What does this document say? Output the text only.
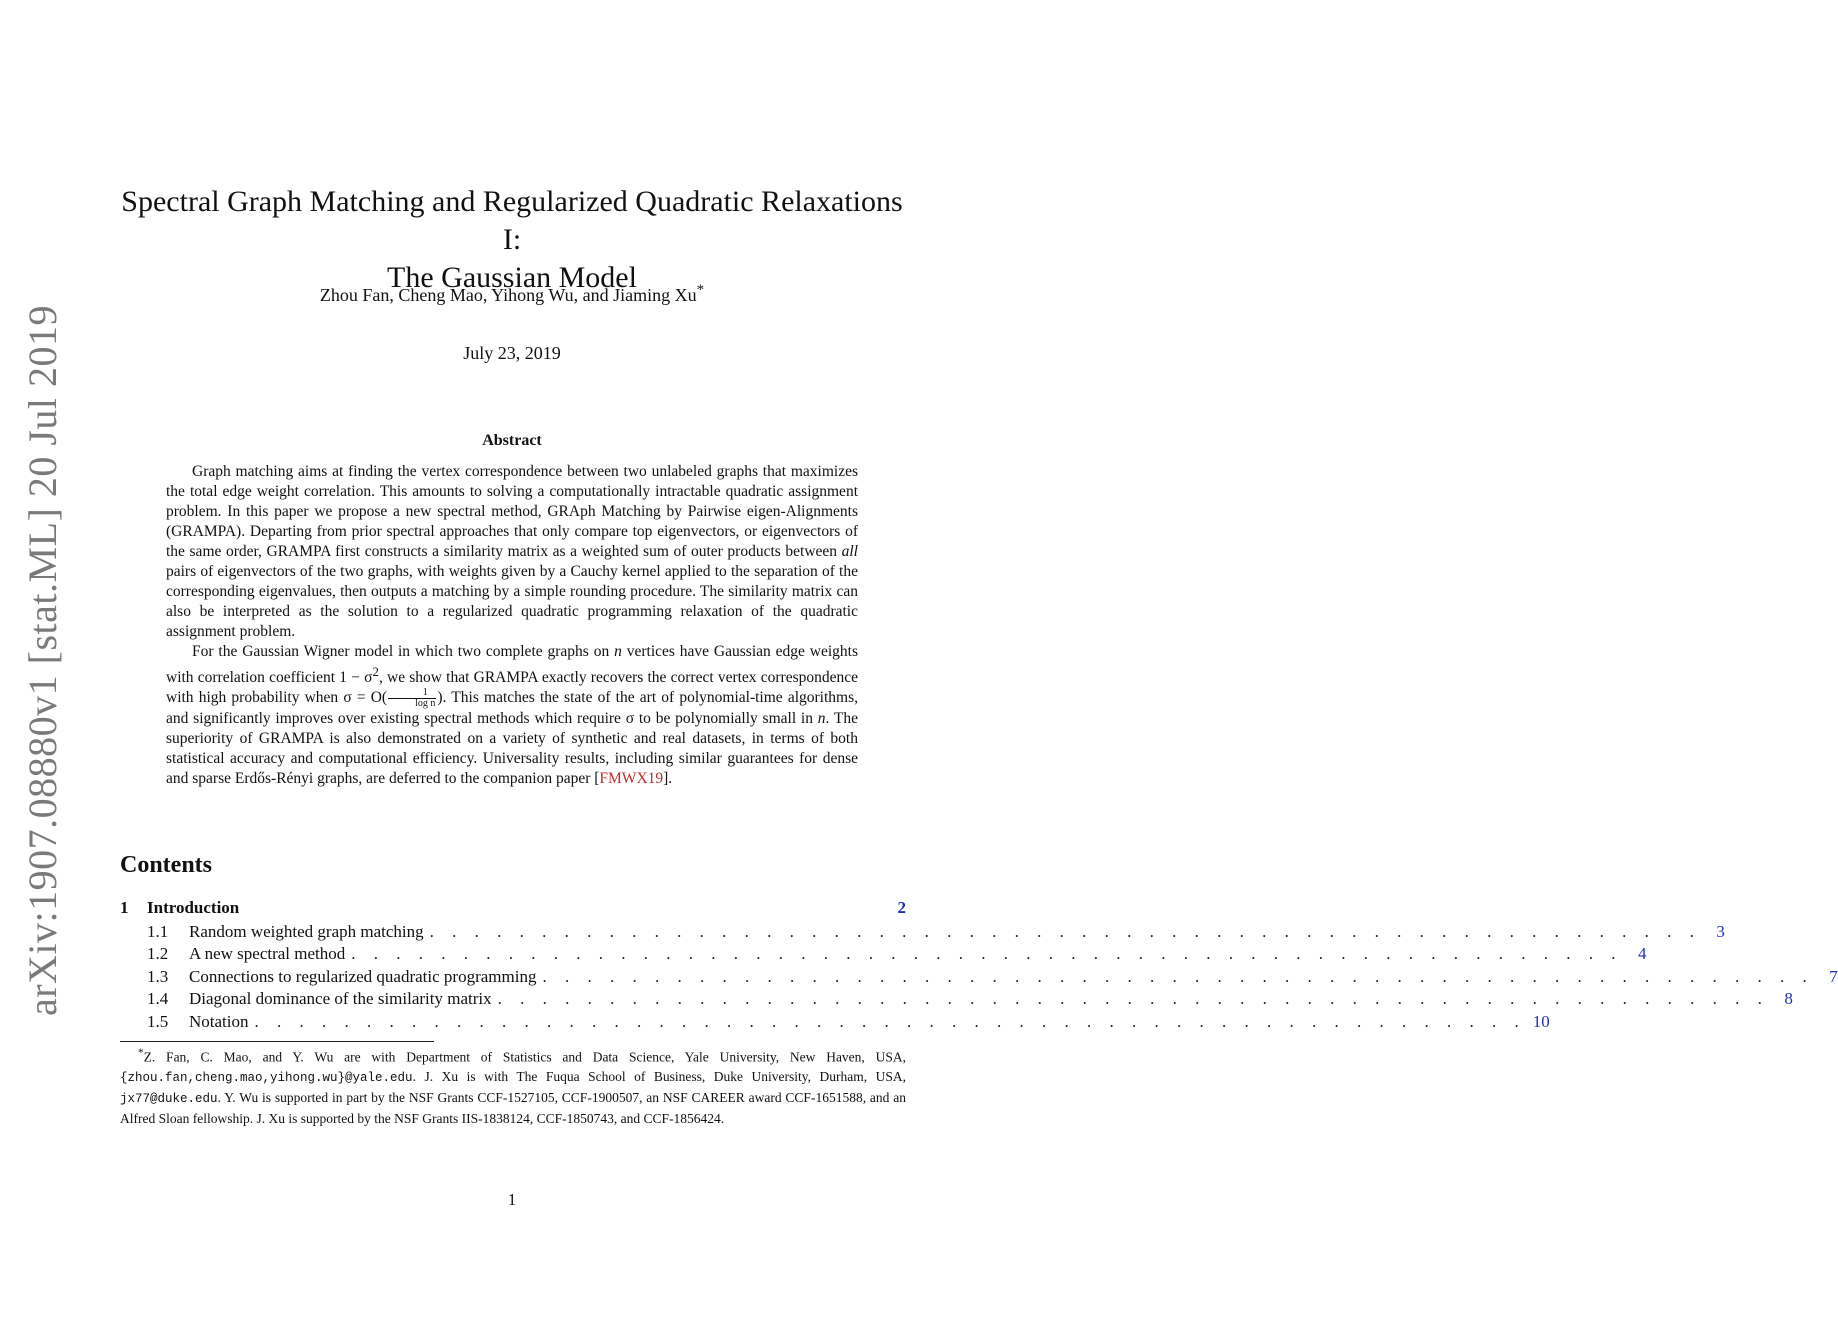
arXiv:1907.08880v1 [stat.ML] 20 Jul 2019
Spectral Graph Matching and Regularized Quadratic Relaxations I:
The Gaussian Model
Zhou Fan, Cheng Mao, Yihong Wu, and Jiaming Xu*
July 23, 2019
Abstract

Graph matching aims at finding the vertex correspondence between two unlabeled graphs that maximizes the total edge weight correlation. This amounts to solving a computationally intractable quadratic assignment problem. In this paper we propose a new spectral method, GRAph Matching by Pairwise eigen-Alignments (GRAMPA). Departing from prior spectral approaches that only compare top eigenvectors, or eigenvectors of the same order, GRAMPA first constructs a similarity matrix as a weighted sum of outer products between all pairs of eigenvectors of the two graphs, with weights given by a Cauchy kernel applied to the separation of the corresponding eigenvalues, then outputs a matching by a simple rounding procedure. The similarity matrix can also be interpreted as the solution to a regularized quadratic programming relaxation of the quadratic assignment problem.

For the Gaussian Wigner model in which two complete graphs on n vertices have Gaussian edge weights with correlation coefficient $1 - \sigma^2$, we show that GRAMPA exactly recovers the correct vertex correspondence with high probability when $\sigma = O( \frac{1}{\text{log n}}$ ). This matches the state of the art of polynomial-time algorithms, and significantly improves over existing spectral methods which require σ to be polynomially small in n. The superiority of GRAMPA is also demonstrated on a variety of synthetic and real datasets, in terms of both statistical accuracy and computational efficiency. Universality results, including similar guarantees for dense and sparse Erdős-Rényi graphs, are deferred to the companion paper [FMWX19].

Contents
1	Introduction	2
1.1	Random weighted graph matching . . . . . . . . . . . . . . . . . . . . . . . . . . . . . . . . . . . . . . . . . . . . . . . . . . . . . . . . . 3
1.2	A new spectral method . . . . . . . . . . . . . . . . . . . . . . . . . . . . . . . . . . . . . . . . . . . . . . . . . . . . . . . . . 4
1.3	Connections to regularized quadratic programming . . . . . . . . . . . . . . . . . . . . . . . . . . . . . . . . . . . . . . . . . . . . . . . . . . . . . . . . . 7
1.4	Diagonal dominance of the similarity matrix . . . . . . . . . . . . . . . . . . . . . . . . . . . . . . . . . . . . . . . . . . . . . . . . . . . . . . . . . 8
1.5	Notation . . . . . . . . . . . . . . . . . . . . . . . . . . . . . . . . . . . . . . . . . . . . . . . . . . . . . . . . . 10

*Z. Fan, C. Mao, and Y. Wu are with Department of Statistics and Data Science, Yale University, New Haven, USA, {zhou.fan,cheng.mao,yihong.wu}@yale.edu. J. Xu is with The Fuqua School of Business, Duke University, Durham, USA, jx77@duke.edu. Y. Wu is supported in part by the NSF Grants CCF-1527105, CCF-1900507, an NSF CAREER award CCF-1651588, and an Alfred Sloan fellowship. J. Xu is supported by the NSF Grants IIS-1838124, CCF-1850743, and CCF-1856424.

1
